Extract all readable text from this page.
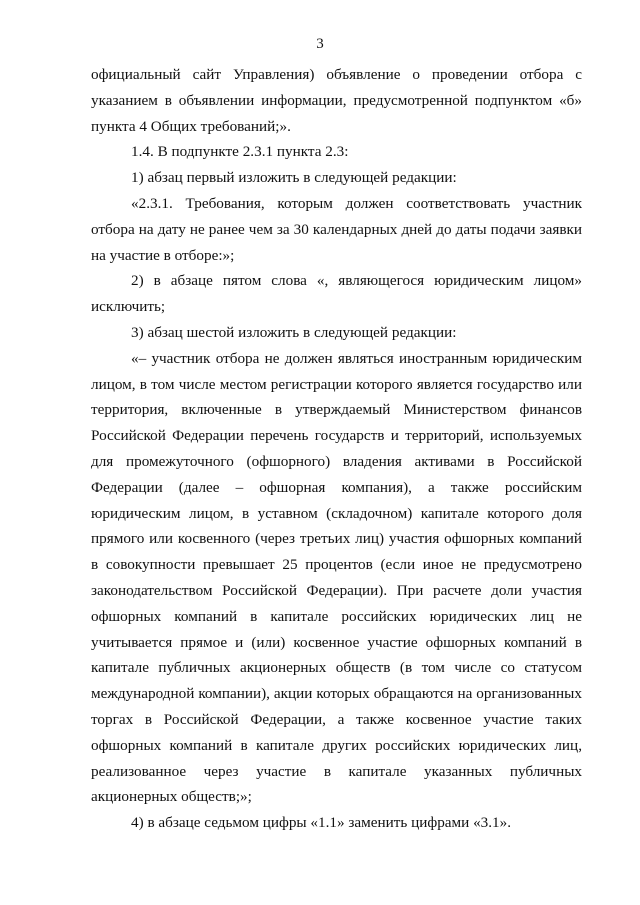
3

официальный сайт Управления) объявление о проведении отбора с указанием в объявлении информации, предусмотренной подпунктом «б» пункта 4 Общих требований;».

1.4. В подпункте 2.3.1 пункта 2.3:

1) абзац первый изложить в следующей редакции:

«2.3.1. Требования, которым должен соответствовать участник отбора на дату не ранее чем за 30 календарных дней до даты подачи заявки на участие в отборе:»;

2) в абзаце пятом слова «, являющегося юридическим лицом» исключить;

3) абзац шестой изложить в следующей редакции:

«– участник отбора не должен являться иностранным юридическим лицом, в том числе местом регистрации которого является государство или территория, включенные в утверждаемый Министерством финансов Российской Федерации перечень государств и территорий, используемых для промежуточного (офшорного) владения активами в Российской Федерации (далее – офшорная компания), а также российским юридическим лицом, в уставном (складочном) капитале которого доля прямого или косвенного (через третьих лиц) участия офшорных компаний в совокупности превышает 25 процентов (если иное не предусмотрено законодательством Российской Федерации). При расчете доли участия офшорных компаний в капитале российских юридических лиц не учитывается прямое и (или) косвенное участие офшорных компаний в капитале публичных акционерных обществ (в том числе со статусом международной компании), акции которых обращаются на организованных торгах в Российской Федерации, а также косвенное участие таких офшорных компаний в капитале других российских юридических лиц, реализованное через участие в капитале указанных публичных акционерных обществ;»;

4) в абзаце седьмом цифры «1.1» заменить цифрами «3.1».
